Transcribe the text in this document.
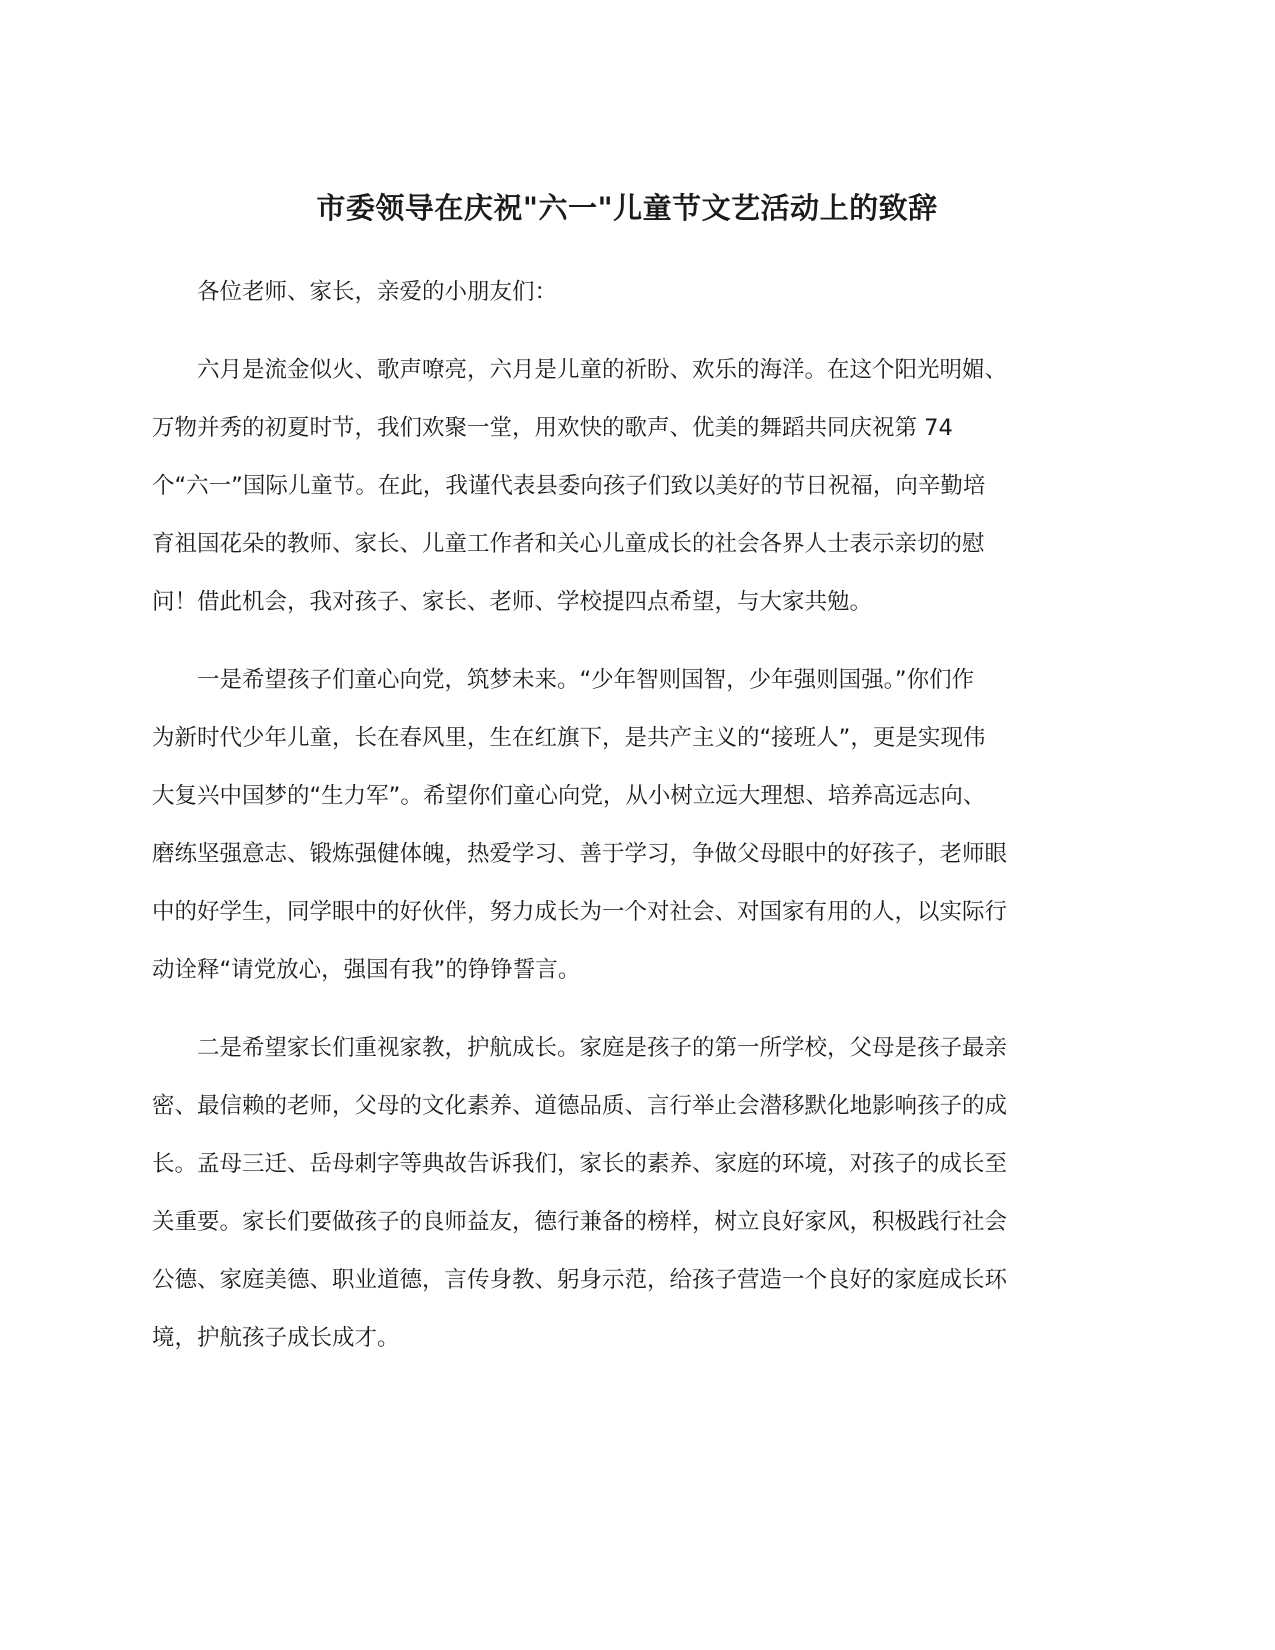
市委领导在庆祝"六一"儿童节文艺活动上的致辞

各位老师、家长，亲爱的小朋友们：

六月是流金似火、歌声嘹亮，六月是儿童的祈盼、欢乐的海洋。在这个阳光明媚、
万物并秀的初夏时节，我们欢聚一堂，用欢快的歌声、优美的舞蹈共同庆祝第 74
个“六一”国际儿童节。在此，我谨代表县委向孩子们致以美好的节日祝福，向辛勤培
育祖国花朵的教师、家长、儿童工作者和关心儿童成长的社会各界人士表示亲切的慰
问！借此机会，我对孩子、家长、老师、学校提四点希望，与大家共勉。

一是希望孩子们童心向党，筑梦未来。“少年智则国智，少年强则国强。”你们作
为新时代少年儿童，长在春风里，生在红旗下，是共产主义的“接班人”，更是实现伟
大复兴中国梦的“生力军”。希望你们童心向党，从小树立远大理想、培养高远志向、
磨练坚强意志、锻炼强健体魄，热爱学习、善于学习，争做父母眼中的好孩子，老师眼
中的好学生，同学眼中的好伙伴，努力成长为一个对社会、对国家有用的人，以实际行
动诠释“请党放心，强国有我”的铮铮誓言。

二是希望家长们重视家教，护航成长。家庭是孩子的第一所学校，父母是孩子最亲
密、最信赖的老师，父母的文化素养、道德品质、言行举止会潜移默化地影响孩子的成
长。孟母三迁、岳母刺字等典故告诉我们，家长的素养、家庭的环境，对孩子的成长至
关重要。家长们要做孩子的良师益友，德行兼备的榜样，树立良好家风，积极践行社会
公德、家庭美德、职业道德，言传身教、躬身示范，给孩子营造一个良好的家庭成长环
境，护航孩子成长成才。
